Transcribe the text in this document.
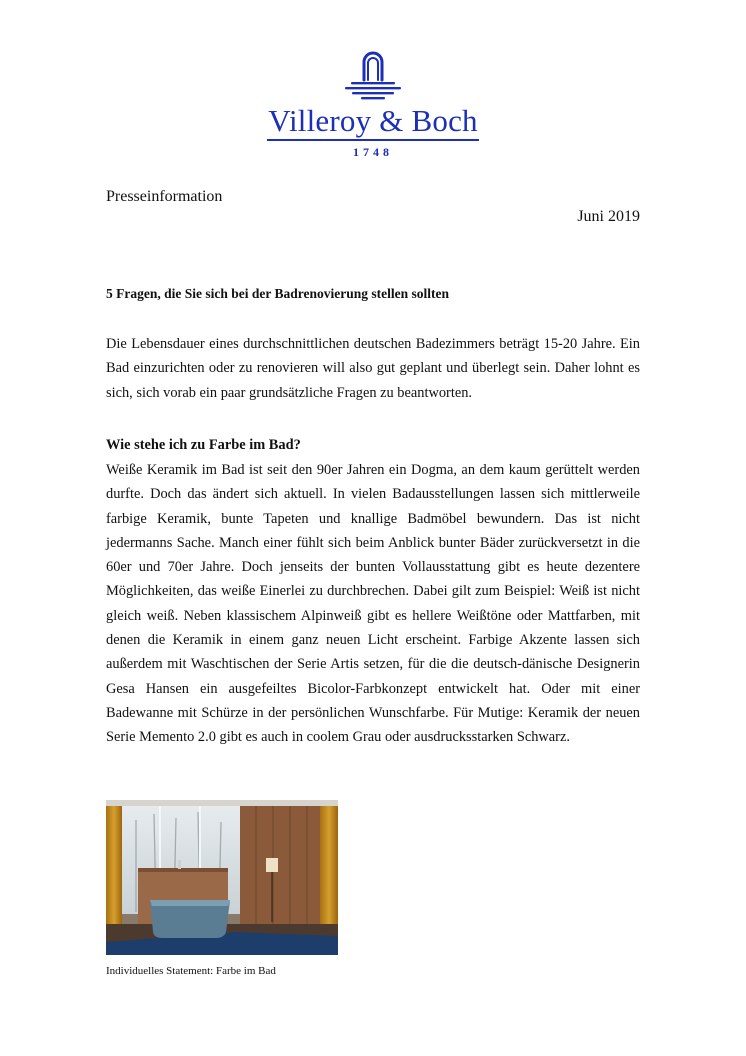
Villeroy & Boch
1748
Presseinformation
Juni 2019
5 Fragen, die Sie sich bei der Badrenovierung stellen sollten

Die Lebensdauer eines durchschnittlichen deutschen Badezimmers beträgt 15-20 Jahre. Ein Bad einzurichten oder zu renovieren will also gut geplant und überlegt sein. Daher lohnt es sich, sich vorab ein paar grundsätzliche Fragen zu beantworten.

Wie stehe ich zu Farbe im Bad?

Weiße Keramik im Bad ist seit den 90er Jahren ein Dogma, an dem kaum gerüttelt werden durfte. Doch das ändert sich aktuell. In vielen Badausstellungen lassen sich mittlerweile farbige Keramik, bunte Tapeten und knallige Badmöbel bewundern. Das ist nicht jedermanns Sache. Manch einer fühlt sich beim Anblick bunter Bäder zurückversetzt in die 60er und 70er Jahre. Doch jenseits der bunten Vollausstattung gibt es heute dezentere Möglichkeiten, das weiße Einerlei zu durchbrechen. Dabei gilt zum Beispiel: Weiß ist nicht gleich weiß. Neben klassischem Alpinweiß gibt es hellere Weißtöne oder Mattfarben, mit denen die Keramik in einem ganz neuen Licht erscheint. Farbige Akzente lassen sich außerdem mit Waschtischen der Serie Artis setzen, für die die deutsch-dänische Designerin Gesa Hansen ein ausgefeiltes Bicolor-Farbkonzept entwickelt hat. Oder mit einer Badewanne mit Schürze in der persönlichen Wunschfarbe. Für Mutige: Keramik der neuen Serie Memento 2.0 gibt es auch in coolem Grau oder ausdrucksstarken Schwarz.

Individuelles Statement: Farbe im Bad
